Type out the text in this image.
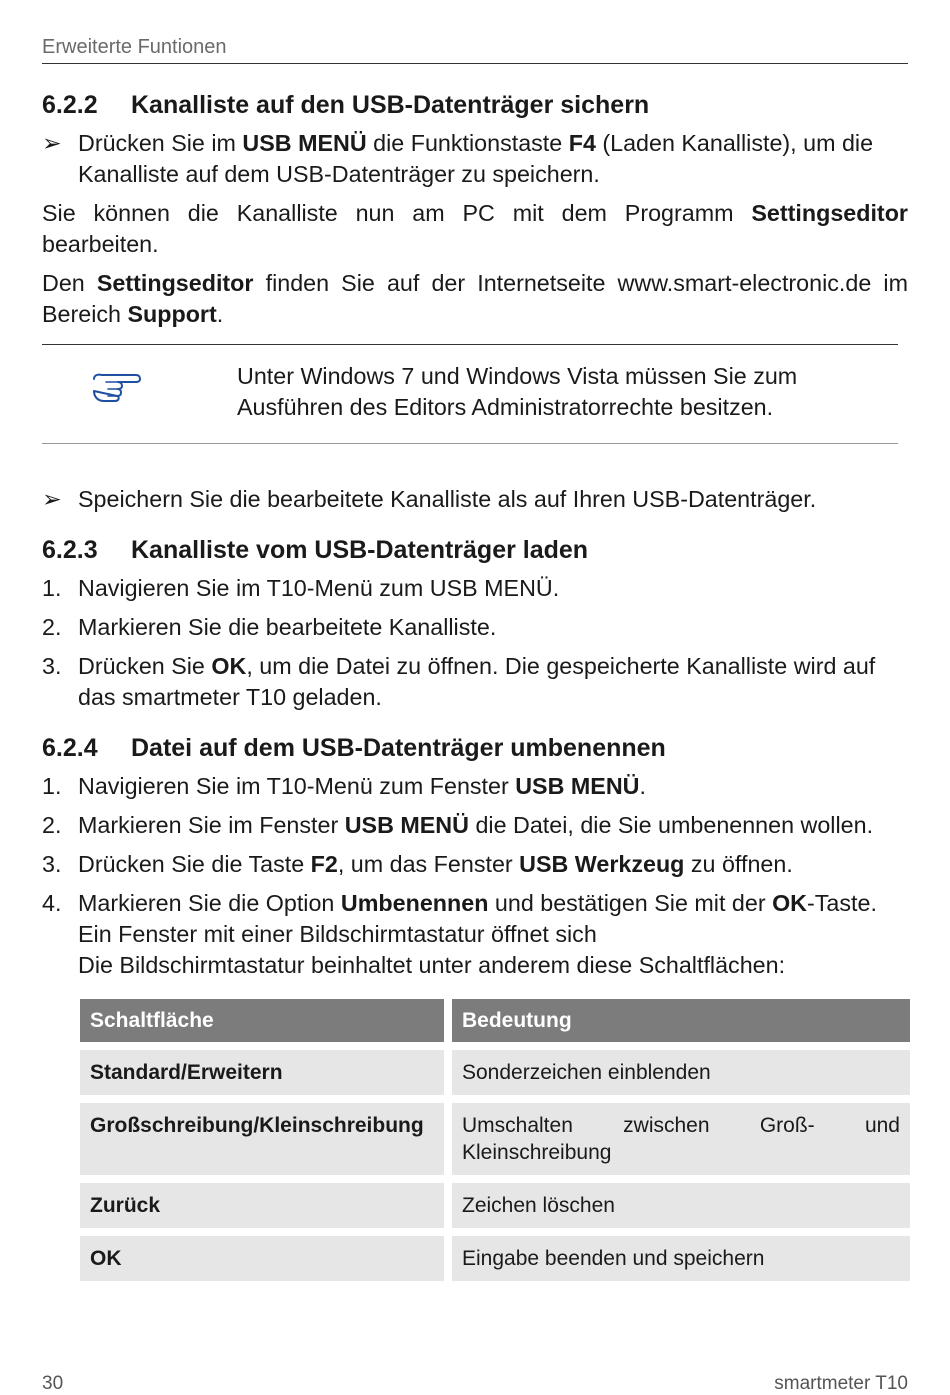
Erweiterte Funtionen
6.2.2	Kanalliste auf den USB-Datenträger sichern
➢ Drücken Sie im USB MENÜ die Funktionstaste F4 (Laden Kanalliste), um die Kanalliste auf dem USB-Datenträger zu speichern.

Sie können die Kanalliste nun am PC mit dem Programm Settingseditor bearbeiten.

Den Settingseditor finden Sie auf der Internetseite www.smart-electronic.de im Bereich Support.

Unter Windows 7 und Windows Vista müssen Sie zum Ausführen des Editors Administratorrechte besitzen.
➢ Speichern Sie die bearbeitete Kanalliste als auf Ihren USB-Datenträger.
6.2.3	Kanalliste vom USB-Datenträger laden
1. Navigieren Sie im T10-Menü zum USB MENÜ.
2. Markieren Sie die bearbeitete Kanalliste.
3. Drücken Sie OK, um die Datei zu öffnen. Die gespeicherte Kanalliste wird auf das smartmeter T10 geladen.
6.2.4	Datei auf dem USB-Datenträger umbenennen
1. Navigieren Sie im T10-Menü zum Fenster USB MENÜ.
2. Markieren Sie im Fenster USB MENÜ die Datei, die Sie umbenennen wollen.
3. Drücken Sie die Taste F2, um das Fenster USB Werkzeug zu öffnen.
4. Markieren Sie die Option Umbenennen und bestätigen Sie mit der OK-Taste.
Ein Fenster mit einer Bildschirmtastatur öffnet sich
Die Bildschirmtastatur beinhaltet unter anderem diese Schaltflächen:
Schaltfläche	Bedeutung
Standard/Erweitern	Sonderzeichen einblenden
Großschreibung/Kleinschreibung	Umschalten zwischen Groß- und Kleinschreibung
Zurück	Zeichen löschen
OK	Eingabe beenden und speichern
30	smartmeter T10
